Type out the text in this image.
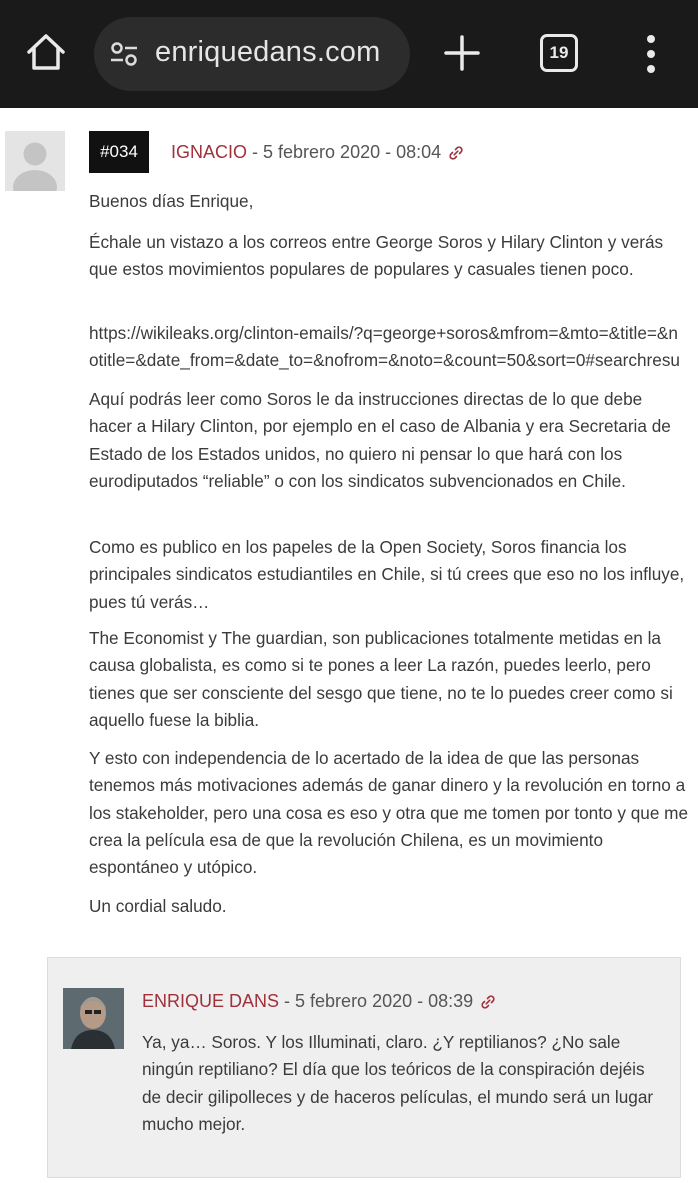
enriquedans.com	19
#034	IGNACIO - 5 febrero 2020 - 08:04

Buenos días Enrique,

Échale un vistazo a los correos entre George Soros y Hilary Clinton y verás que estos movimientos populares de populares y casuales tienen poco.

https://wikileaks.org/clinton-emails/?q=george+soros&mfrom=&mto=&title=&notitle=&date_from=&date_to=&nofrom=&noto=&count=50&sort=0#searchresu

Aquí podrás leer como Soros le da instrucciones directas de lo que debe hacer a Hilary Clinton, por ejemplo en el caso de Albania y era Secretaria de Estado de los Estados unidos, no quiero ni pensar lo que hará con los eurodiputados “reliable” o con los sindicatos subvencionados en Chile.

Como es publico en los papeles de la Open Society, Soros financia los principales sindicatos estudiantiles en Chile, si tú crees que eso no los influye, pues tú verás…

The Economist y The guardian, son publicaciones totalmente metidas en la causa globalista, es como si te pones a leer La razón, puedes leerlo, pero tienes que ser consciente del sesgo que tiene, no te lo puedes creer como si aquello fuese la biblia.

Y esto con independencia de lo acertado de la idea de que las personas tenemos más motivaciones además de ganar dinero y la revolución en torno a los stakeholder, pero una cosa es eso y otra que me tomen por tonto y que me crea la película esa de que la revolución Chilena, es un movimiento espontáneo y utópico.

Un cordial saludo.

ENRIQUE DANS - 5 febrero 2020 - 08:39

Ya, ya… Soros. Y los Illuminati, claro. ¿Y reptilianos? ¿No sale ningún reptiliano? El día que los teóricos de la conspiración dejéis de decir gilipolleces y de haceros películas, el mundo será un lugar mucho mejor.
